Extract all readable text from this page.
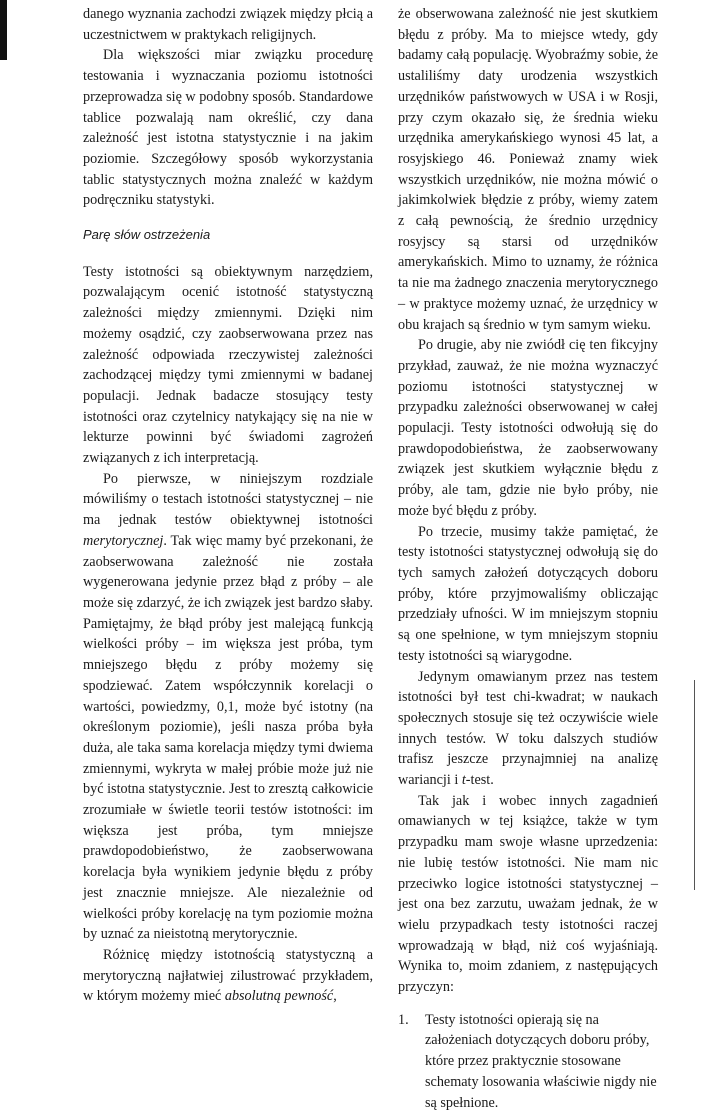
danego wyznania zachodzi związek między płcią a uczestnictwem w praktykach religijnych.

Dla większości miar związku procedurę testowania i wyznaczania poziomu istotności przeprowadza się w podobny sposób. Standardowe tablice pozwalają nam określić, czy dana zależność jest istotna statystycznie i na jakim poziomie. Szczegółowy sposób wykorzystania tablic statystycznych można znaleźć w każdym podręczniku statystyki.

Parę słów ostrzeżenia

Testy istotności są obiektywnym narzędziem, pozwalającym ocenić istotność statystyczną zależności między zmiennymi. Dzięki nim możemy osądzić, czy zaobserwowana przez nas zależność odpowiada rzeczywistej zależności zachodzącej między tymi zmiennymi w badanej populacji. Jednak badacze stosujący testy istotności oraz czytelnicy natykający się na nie w lekturze powinni być świadomi zagrożeń związanych z ich interpretacją.

Po pierwsze, w niniejszym rozdziale mówiliśmy o testach istotności statystycznej – nie ma jednak testów obiektywnej istotności merytorycznej. Tak więc mamy być przekonani, że zaobserwowana zależność nie została wygenerowana jedynie przez błąd z próby – ale może się zdarzyć, że ich związek jest bardzo słaby. Pamiętajmy, że błąd próby jest malejącą funkcją wielkości próby – im większa jest próba, tym mniejszego błędu z próby możemy się spodziewać. Zatem współczynnik korelacji o wartości, powiedzmy, 0,1, może być istotny (na określonym poziomie), jeśli nasza próba była duża, ale taka sama korelacja między tymi dwiema zmiennymi, wykryta w małej próbie może już nie być istotna statystycznie. Jest to zresztą całkowicie zrozumiałe w świetle teorii testów istotności: im większa jest próba, tym mniejsze prawdopodobieństwo, że zaobserwowana korelacja była wynikiem jedynie błędu z próby jest znacznie mniejsze. Ale niezależnie od wielkości próby korelację na tym poziomie można by uznać za nieistotną merytorycznie.

Różnicę między istotnością statystyczną a merytoryczną najłatwiej zilustrować przykładem, w którym możemy mieć absolutną pewność,

że obserwowana zależność nie jest skutkiem błędu z próby. Ma to miejsce wtedy, gdy badamy całą populację. Wyobraźmy sobie, że ustaliliśmy daty urodzenia wszystkich urzędników państwowych w USA i w Rosji, przy czym okazało się, że średnia wieku urzędnika amerykańskiego wynosi 45 lat, a rosyjskiego 46. Ponieważ znamy wiek wszystkich urzędników, nie można mówić o jakimkolwiek błędzie z próby, wiemy zatem z całą pewnością, że średnio urzędnicy rosyjscy są starsi od urzędników amerykańskich. Mimo to uznamy, że różnica ta nie ma żadnego znaczenia merytorycznego – w praktyce możemy uznać, że urzędnicy w obu krajach są średnio w tym samym wieku.

Po drugie, aby nie zwiódł cię ten fikcyjny przykład, zauważ, że nie można wyznaczyć poziomu istotności statystycznej w przypadku zależności obserwowanej w całej populacji. Testy istotności odwołują się do prawdopodobieństwa, że zaobserwowany związek jest skutkiem wyłącznie błędu z próby, ale tam, gdzie nie było próby, nie może być błędu z próby.

Po trzecie, musimy także pamiętać, że testy istotności statystycznej odwołują się do tych samych założeń dotyczących doboru próby, które przyjmowaliśmy obliczając przedziały ufności. W im mniejszym stopniu są one spełnione, w tym mniejszym stopniu testy istotności są wiarygodne.

Jedynym omawianym przez nas testem istotności był test chi-kwadrat; w naukach społecznych stosuje się też oczywiście wiele innych testów. W toku dalszych studiów trafisz jeszcze przynajmniej na analizę wariancji i t-test.

Tak jak i wobec innych zagadnień omawianych w tej książce, także w tym przypadku mam swoje własne uprzedzenia: nie lubię testów istotności. Nie mam nic przeciwko logice istotności statystycznej – jest ona bez zarzutu, uważam jednak, że w wielu przypadkach testy istotności raczej wprowadzają w błąd, niż coś wyjaśniają. Wynika to, moim zdaniem, z następujących przyczyn:

1. Testy istotności opierają się na założeniach dotyczących doboru próby, które przez praktycznie stosowane schematy losowania właściwie nigdy nie są spełnione.
